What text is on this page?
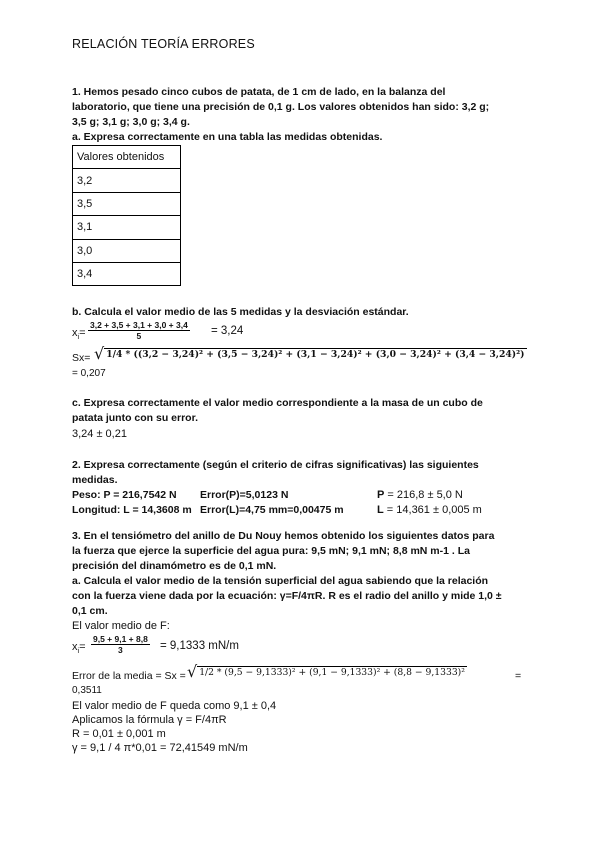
RELACIÓN TEORÍA ERRORES
1. Hemos pesado cinco cubos de patata, de 1 cm de lado, en la balanza del
laboratorio, que tiene una precisión de 0,1 g. Los valores obtenidos han sido: 3,2 g;
3,5 g; 3,1 g; 3,0 g; 3,4 g.
a. Expresa correctamente en una tabla las medidas obtenidas.
Valores obtenidos
3,2
3,5
3,1
3,0
3,4
b. Calcula el valor medio de las 5 medidas y la desviación estándar.
$x_i= \frac{3,2 + 3,5 + 3,1 + 3,0 + 3,4}{5} = 3,24$
Sx= √ 1/4 * ((3,2 − 3,24)² + (3,5 − 3,24)² + (3,1 − 3,24)² + (3,0 − 3,24)² + (3,4 − 3,24)²)
= 0,207
c. Expresa correctamente el valor medio correspondiente a la masa de un cubo de
patata junto con su error.
3,24 ± 0,21
2. Expresa correctamente (según el criterio de cifras significativas) las siguientes
medidas.
Peso: P = 216,7542 N Error(P)=5,0123 N	P = 216,8 ± 5,0 N
Longitud: L = 14,3608 m Error(L)=4,75 mm=0,00475 m	L = 14,361 ± 0,005 m
3. En el tensiómetro del anillo de Du Nouy hemos obtenido los siguientes datos para
la fuerza que ejerce la superficie del agua pura: 9,5 mN; 9,1 mN; 8,8 mN m-1 . La
precisión del dinamómetro es de 0,1 mN.
a. Calcula el valor medio de la tensión superficial del agua sabiendo que la relación
con la fuerza viene dada por la ecuación: γ=F/4πR. R es el radio del anillo y mide 1,0 ±
0,1 cm.
El valor medio de F:
$x_i= \frac{9,5 + 9,1 + 8,8}{3} = 9,1333$ mN/m
Error de la media = Sx = √ 1/2 * (9,5 − 9,1333)² + (9,1 − 9,1333)² + (8,8 − 9,1333)²	=
0,3511
El valor medio de F queda como 9,1 ± 0,4
Aplicamos la fórmula γ = F/4πR
R = 0,01 ± 0,001 m
γ = 9,1 / 4 π*0,01 = 72,41549 mN/m
